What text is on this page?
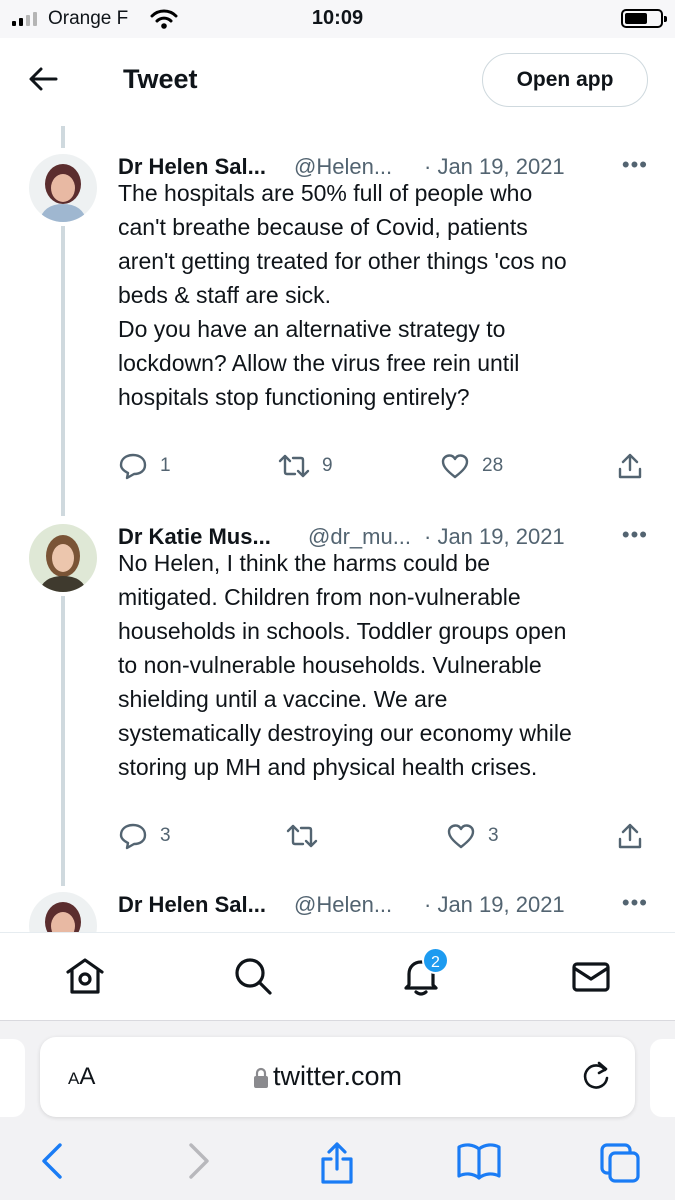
Orange F	10:09
Tweet	Open app
Dr Helen Sal... @Helen... · Jan 19, 2021	•••

The hospitals are 50% full of people who

can't breathe because of Covid, patients

aren't getting treated for other things 'cos no

beds & staff are sick.

Do you have an alternative strategy to

lockdown? Allow the virus free rein until

hospitals stop functioning entirely?

1	9	28
Dr Katie Mus... @dr_mu... · Jan 19, 2021	•••

No Helen, I think the harms could be

mitigated. Children from non-vulnerable

households in schools. Toddler groups open

to non-vulnerable households. Vulnerable

shielding until a vaccine. We are

systematically destroying our economy while

storing up MH and physical health crises.

3	3
Dr Helen Sal... @Helen... · Jan 19, 2021	•••
2
AA	twitter.com
